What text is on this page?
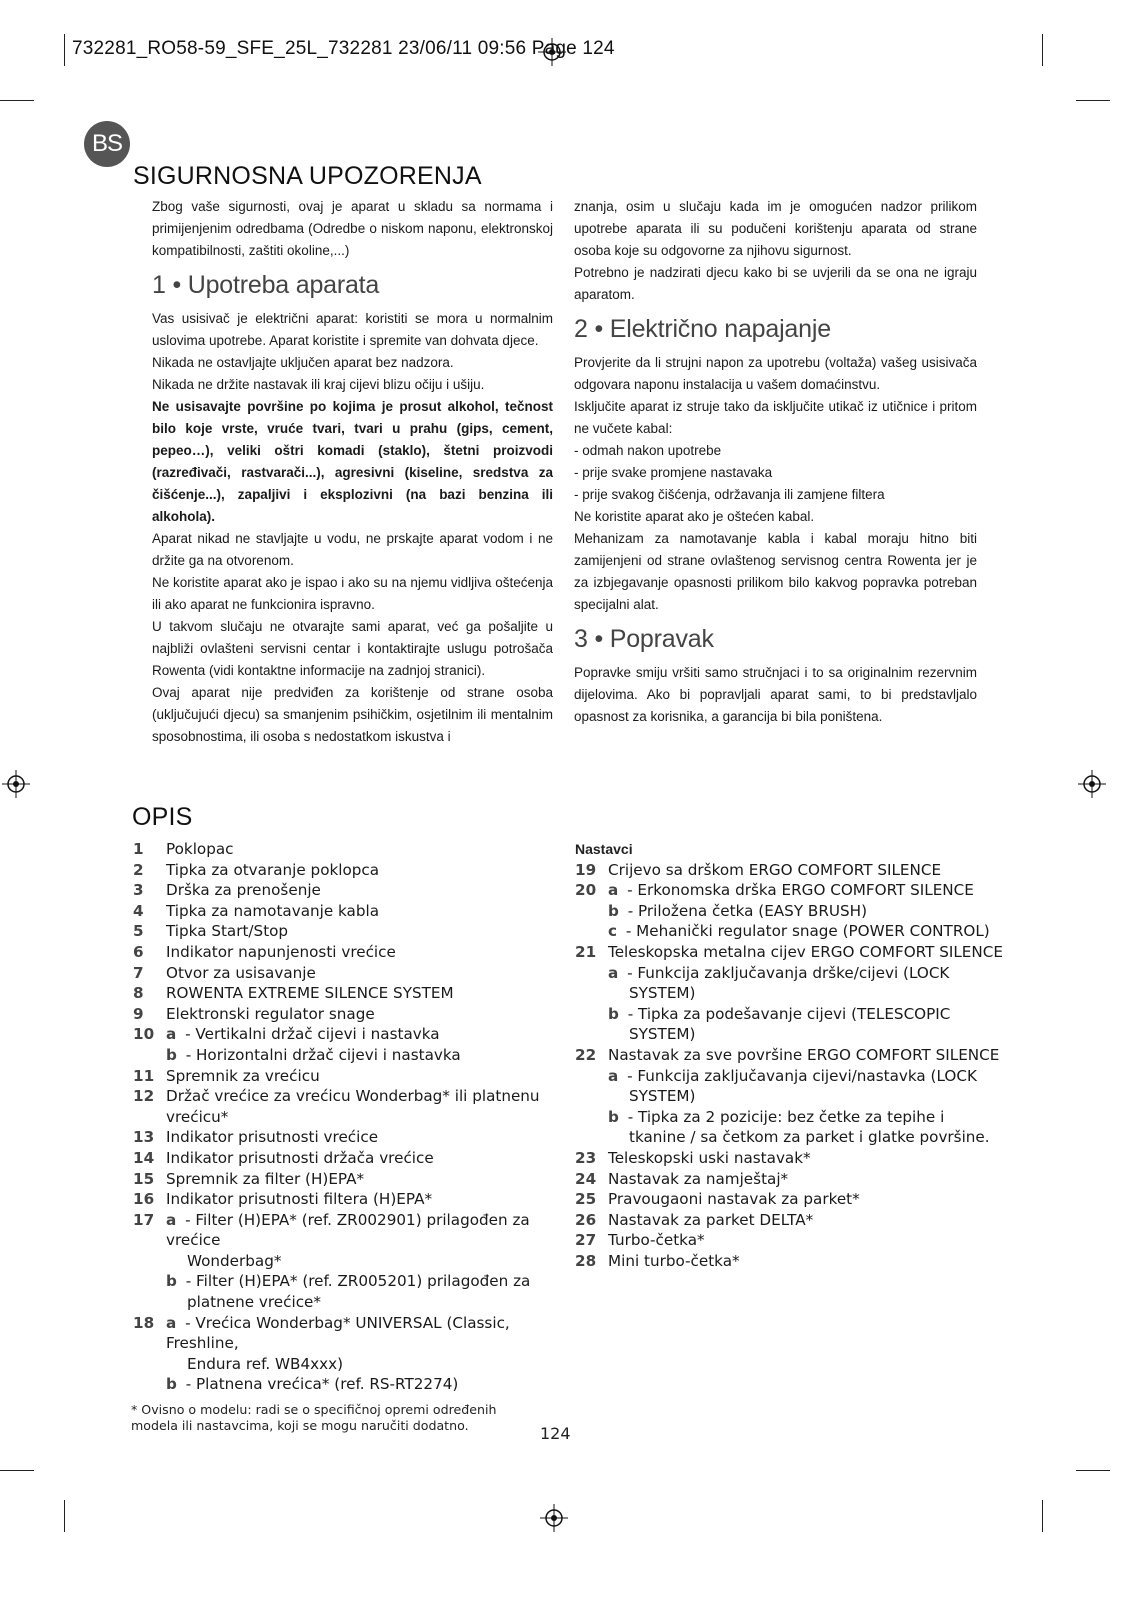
732281_RO58-59_SFE_25L_732281 23/06/11 09:56 Page 124
BS
SIGURNOSNA UPOZORENJA

Zbog vaše sigurnosti, ovaj je aparat u skladu sa normama i primijenjenim odredbama (Odredbe o niskom naponu, elektronskoj kompatibilnosti, zaštiti okoline,...)

1 • Upotreba aparata

Vas usisivač je električni aparat: koristiti se mora u normalnim uslovima upotrebe. Aparat koristite i spremite van dohvata djece.

Nikada ne ostavljajte uključen aparat bez nadzora.

Nikada ne držite nastavak ili kraj cijevi blizu očiju i ušiju.

Ne usisavajte površine po kojima je prosut alkohol, tečnost bilo koje vrste, vruće tvari, tvari u prahu (gips, cement, pepeo…), veliki oštri komadi (staklo), štetni proizvodi (razređivači, rastvarači...), agresivni (kiseline, sredstva za čišćenje...), zapaljivi i eksplozivni (na bazi benzina ili alkohola).

Aparat nikad ne stavljajte u vodu, ne prskajte aparat vodom i ne držite ga na otvorenom.

Ne koristite aparat ako je ispao i ako su na njemu vidljiva oštećenja ili ako aparat ne funkcionira ispravno.

U takvom slučaju ne otvarajte sami aparat, već ga pošaljite u najbliži ovlašteni servisni centar i kontaktirajte uslugu potrošača Rowenta (vidi kontaktne informacije na zadnjoj stranici).

Ovaj aparat nije predviđen za korištenje od strane osoba (uključujući djecu) sa smanjenim psihičkim, osjetilnim ili mentalnim sposobnostima, ili osoba s nedostatkom iskustva i

znanja, osim u slučaju kada im je omogućen nadzor prilikom upotrebe aparata ili su podučeni korištenju aparata od strane osoba koje su odgovorne za njihovu sigurnost.

Potrebno je nadzirati djecu kako bi se uvjerili da se ona ne igraju aparatom.

2 • Električno napajanje

Provjerite da li strujni napon za upotrebu (voltaža) vašeg usisivača odgovara naponu instalacija u vašem domaćinstvu.

Isključite aparat iz struje tako da isključite utikač iz utičnice i pritom ne vučete kabal:

- odmah nakon upotrebe

- prije svake promjene nastavaka

- prije svakog čišćenja, održavanja ili zamjene filtera

Ne koristite aparat ako je oštećen kabal.

Mehanizam za namotavanje kabla i kabal moraju hitno biti zamijenjeni od strane ovlaštenog servisnog centra Rowenta jer je za izbjegavanje opasnosti prilikom bilo kakvog popravka potreban specijalni alat.

3 • Popravak

Popravke smiju vršiti samo stručnjaci i to sa originalnim rezervnim dijelovima. Ako bi popravljali aparat sami, to bi predstavljalo opasnost za korisnika, a garancija bi bila poništena.

OPIS
1	Poklopac
2	Tipka za otvaranje poklopca
3	Drška za prenošenje
4	Tipka za namotavanje kabla
5	Tipka Start/Stop
6	Indikator napunjenosti vrećice
7	Otvor za usisavanje
8	ROWENTA EXTREME SILENCE SYSTEM
9	Elektronski regulator snage
10 a - Vertikalni držač cijevi i nastavka
b - Horizontalni držač cijevi i nastavka
11 Spremnik za vrećicu
12 Držač vrećice za vrećicu Wonderbag* ili platnenu
vrećicu*
13 Indikator prisutnosti vrećice
14 Indikator prisutnosti držača vrećice
15 Spremnik za filter (H)EPA*
16 Indikator prisutnosti filtera (H)EPA*
17 a - Filter (H)EPA* (ref. ZR002901) prilagođen za vrećice
Wonderbag*
b - Filter (H)EPA* (ref. ZR005201) prilagođen za
platnene vrećice*
18 a - Vrećica Wonderbag* UNIVERSAL (Classic, Freshline,
Endura ref. WB4xxx)
b - Platnena vrećica* (ref. RS-RT2274)
Nastavci
19 Crijevo sa drškom ERGO COMFORT SILENCE
20 a - Erkonomska drška ERGO COMFORT SILENCE
b - Priložena četka (EASY BRUSH)
c - Mehanički regulator snage (POWER CONTROL)
21 Teleskopska metalna cijev ERGO COMFORT SILENCE
a - Funkcija zaključavanja drške/cijevi (LOCK
SYSTEM)
b - Tipka za podešavanje cijevi (TELESCOPIC
SYSTEM)
22 Nastavak za sve površine ERGO COMFORT SILENCE
a - Funkcija zaključavanja cijevi/nastavka (LOCK
SYSTEM)
b - Tipka za 2 pozicije: bez četke za tepihe i
tkanine / sa četkom za parket i glatke površine.
23 Teleskopski uski nastavak*
24 Nastavak za namještaj*
25 Pravougaoni nastavak za parket*
26 Nastavak za parket DELTA*
27 Turbo-četka*
28 Mini turbo-četka*
* Ovisno o modelu: radi se o specifičnoj opremi određenih modela ili nastavcima, koji se mogu naručiti dodatno.	124
